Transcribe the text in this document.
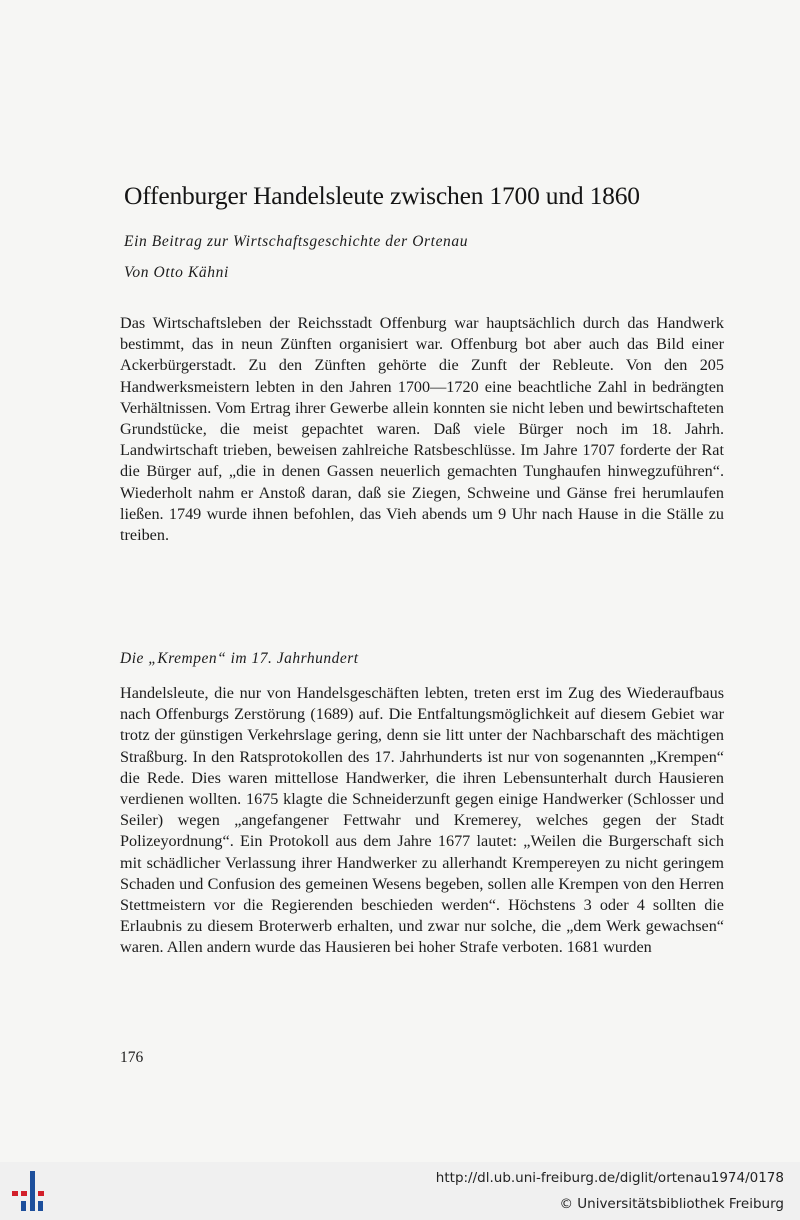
Offenburger Handelsleute zwischen 1700 und 1860
Ein Beitrag zur Wirtschaftsgeschichte der Ortenau
Von Otto Kähni

Das Wirtschaftsleben der Reichsstadt Offenburg war hauptsächlich durch das Handwerk bestimmt, das in neun Zünften organisiert war. Offenburg bot aber auch das Bild einer Ackerbürgerstadt. Zu den Zünften gehörte die Zunft der Rebleute. Von den 205 Handwerksmeistern lebten in den Jahren 1700—1720 eine beachtliche Zahl in bedrängten Verhältnissen. Vom Ertrag ihrer Gewerbe allein konnten sie nicht leben und bewirtschafteten Grundstücke, die meist gepachtet waren. Daß viele Bürger noch im 18. Jahrh. Landwirtschaft trieben, beweisen zahlreiche Ratsbeschlüsse. Im Jahre 1707 forderte der Rat die Bürger auf, „die in denen Gassen neuerlich gemachten Tunghaufen hinwegzuführen“. Wiederholt nahm er Anstoß daran, daß sie Ziegen, Schweine und Gänse frei herumlaufen ließen. 1749 wurde ihnen befohlen, das Vieh abends um 9 Uhr nach Hause in die Ställe zu treiben.

Die „Krempen“ im 17. Jahrhundert

Handelsleute, die nur von Handelsgeschäften lebten, treten erst im Zug des Wiederaufbaus nach Offenburgs Zerstörung (1689) auf. Die Entfaltungsmöglichkeit auf diesem Gebiet war trotz der günstigen Verkehrslage gering, denn sie litt unter der Nachbarschaft des mächtigen Straßburg. In den Ratsprotokollen des 17. Jahrhunderts ist nur von sogenannten „Krempen“ die Rede. Dies waren mittellose Handwerker, die ihren Lebensunterhalt durch Hausieren verdienen wollten. 1675 klagte die Schneiderzunft gegen einige Handwerker (Schlosser und Seiler) wegen „angefangener Fettwahr und Kremerey, welches gegen der Stadt Polizeyordnung“. Ein Protokoll aus dem Jahre 1677 lautet: „Weilen die Burgerschaft sich mit schädlicher Verlassung ihrer Handwerker zu allerhandt Krempereyen zu nicht geringem Schaden und Confusion des gemeinen Wesens begeben, sollen alle Krempen von den Herren Stettmeistern vor die Regierenden beschieden werden“. Höchstens 3 oder 4 sollten die Erlaubnis zu diesem Broterwerb erhalten, und zwar nur solche, die „dem Werk gewachsen“ waren. Allen andern wurde das Hausieren bei hoher Strafe verboten. 1681 wurden

176
http://dl.ub.uni-freiburg.de/diglit/ortenau1974/0178
© Universitätsbibliothek Freiburg
